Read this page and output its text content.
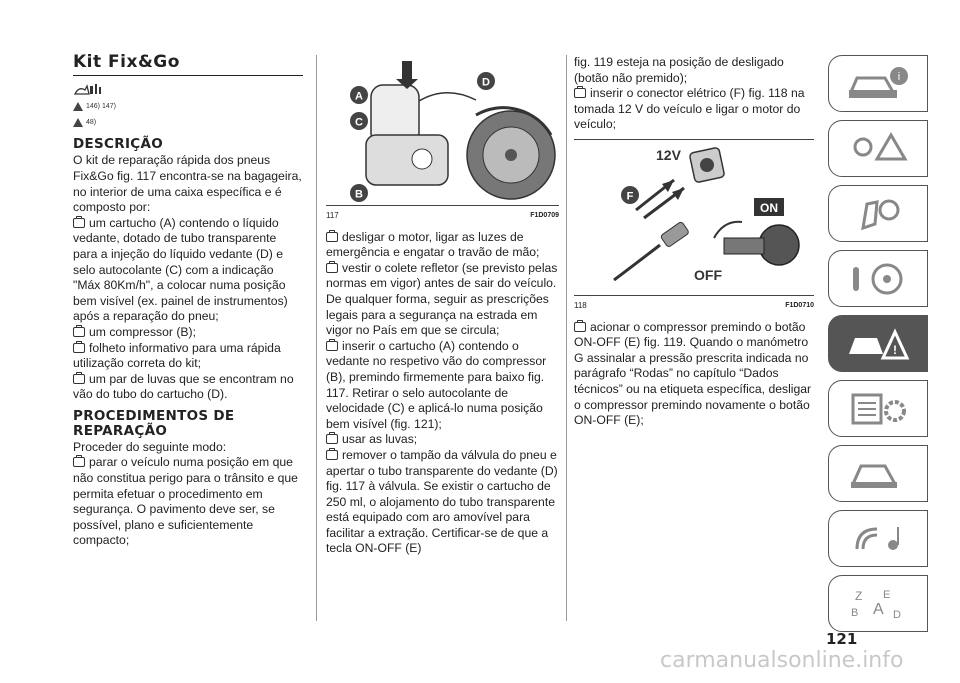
Kit Fix&Go
146) 147)
48)
DESCRIÇÃO

O kit de reparação rápida dos pneus Fix&Go fig. 117 encontra-se na bagageira, no interior de uma caixa específica e é composto por:

um cartucho (A) contendo o líquido vedante, dotado de tubo transparente para a injeção do líquido vedante (D) e selo autocolante (C) com a indicação "Máx 80Km/h", a colocar numa posição bem visível (ex. painel de instrumentos) após a reparação do pneu;

um compressor (B);

folheto informativo para uma rápida utilização correta do kit;

um par de luvas que se encontram no vão do tubo do cartucho (D).

PROCEDIMENTOS DE
REPARAÇÃO

Proceder do seguinte modo:

parar o veículo numa posição em que não constitua perigo para o trânsito e que permita efetuar o procedimento em segurança. O pavimento deve ser, se possível, plano e suficientemente compacto;

A
C
B
D
117	F1D0709

desligar o motor, ligar as luzes de emergência e engatar o travão de mão;

vestir o colete refletor (se previsto pelas normas em vigor) antes de sair do veículo. De qualquer forma, seguir as prescrições legais para a segurança na estrada em vigor no País em que se circula;

inserir o cartucho (A) contendo o vedante no respetivo vão do compressor (B), premindo firmemente para baixo fig. 117. Retirar o selo autocolante de velocidade (C) e aplicá-lo numa posição bem visível (fig. 121);

usar as luvas;

remover o tampão da válvula do pneu e apertar o tubo transparente do vedante (D) fig. 117 à válvula. Se existir o cartucho de 250 ml, o alojamento do tubo transparente está equipado com aro amovível para facilitar a extração. Certificar-se de que a tecla ON-OFF (E)

fig. 119 esteja na posição de desligado (botão não premido);

inserir o conector elétrico (F) fig. 118 na tomada 12 V do veículo e ligar o motor do veículo;

12V
F
ON
OFF
118	F1D0710

acionar o compressor premindo o botão ON-OFF (E) fig. 119. Quando o manómetro G assinalar a pressão prescrita indicada no parágrafo “Rodas” no capítulo “Dados técnicos” ou na etiqueta específica, desligar o compressor premindo novamente o botão ON-OFF (E);

i
!
Z E
B A D
121
carmanualsonline.info
